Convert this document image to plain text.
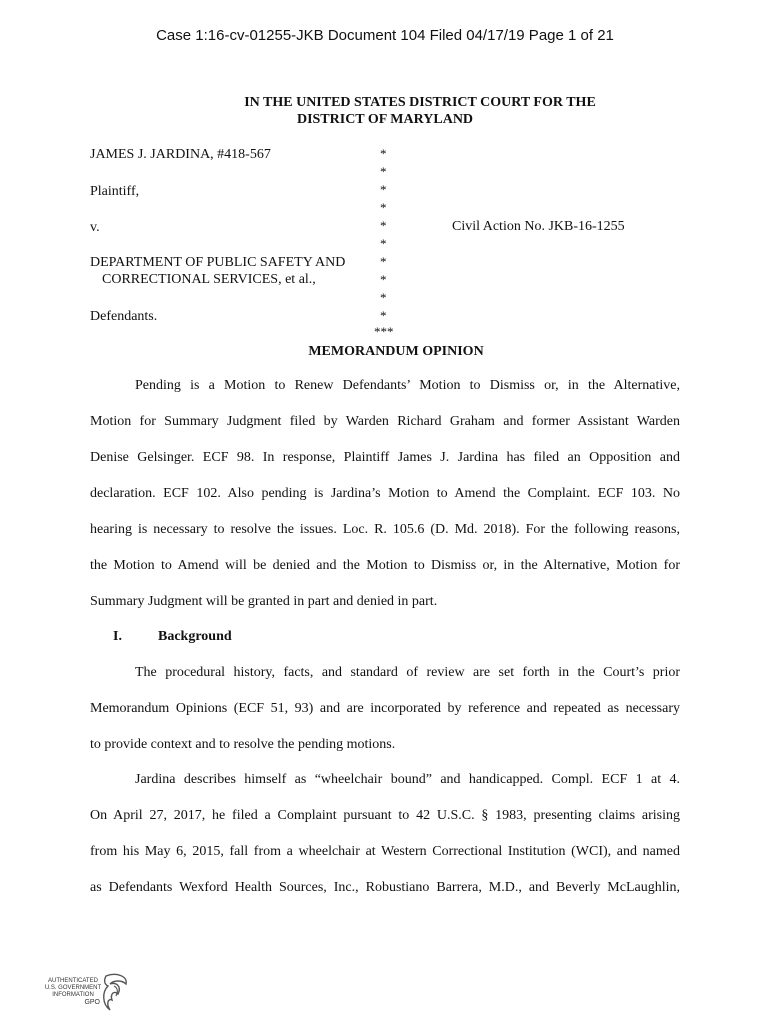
Case 1:16-cv-01255-JKB Document 104 Filed 04/17/19 Page 1 of 21
IN THE UNITED STATES DISTRICT COURT FOR THE
DISTRICT OF MARYLAND
JAMES J. JARDINA, #418-567
Plaintiff,
v.
DEPARTMENT OF PUBLIC SAFETY AND
CORRECTIONAL SERVICES, et al.,
Defendants.
*
*
*
*
*
*
*
*
*
*
***
Civil Action No. JKB-16-1255
MEMORANDUM OPINION
Pending is a Motion to Renew Defendants’ Motion to Dismiss or, in the Alternative,
Motion for Summary Judgment filed by Warden Richard Graham and former Assistant Warden
Denise Gelsinger. ECF 98. In response, Plaintiff James J. Jardina has filed an Opposition and
declaration. ECF 102. Also pending is Jardina’s Motion to Amend the Complaint. ECF 103. No
hearing is necessary to resolve the issues. Loc. R. 105.6 (D. Md. 2018). For the following reasons,
the Motion to Amend will be denied and the Motion to Dismiss or, in the Alternative, Motion for
Summary Judgment will be granted in part and denied in part.
I.	Background
The procedural history, facts, and standard of review are set forth in the Court’s prior
Memorandum Opinions (ECF 51, 93) and are incorporated by reference and repeated as necessary
to provide context and to resolve the pending motions.
Jardina describes himself as “wheelchair bound” and handicapped. Compl. ECF 1 at 4.
On April 27, 2017, he filed a Complaint pursuant to 42 U.S.C. § 1983, presenting claims arising
from his May 6, 2015, fall from a wheelchair at Western Correctional Institution (WCI), and named
as Defendants Wexford Health Sources, Inc., Robustiano Barrera, M.D., and Beverly McLaughlin,
AUTHENTICATED
U.S. GOVERNMENT
INFORMATION
GPO
